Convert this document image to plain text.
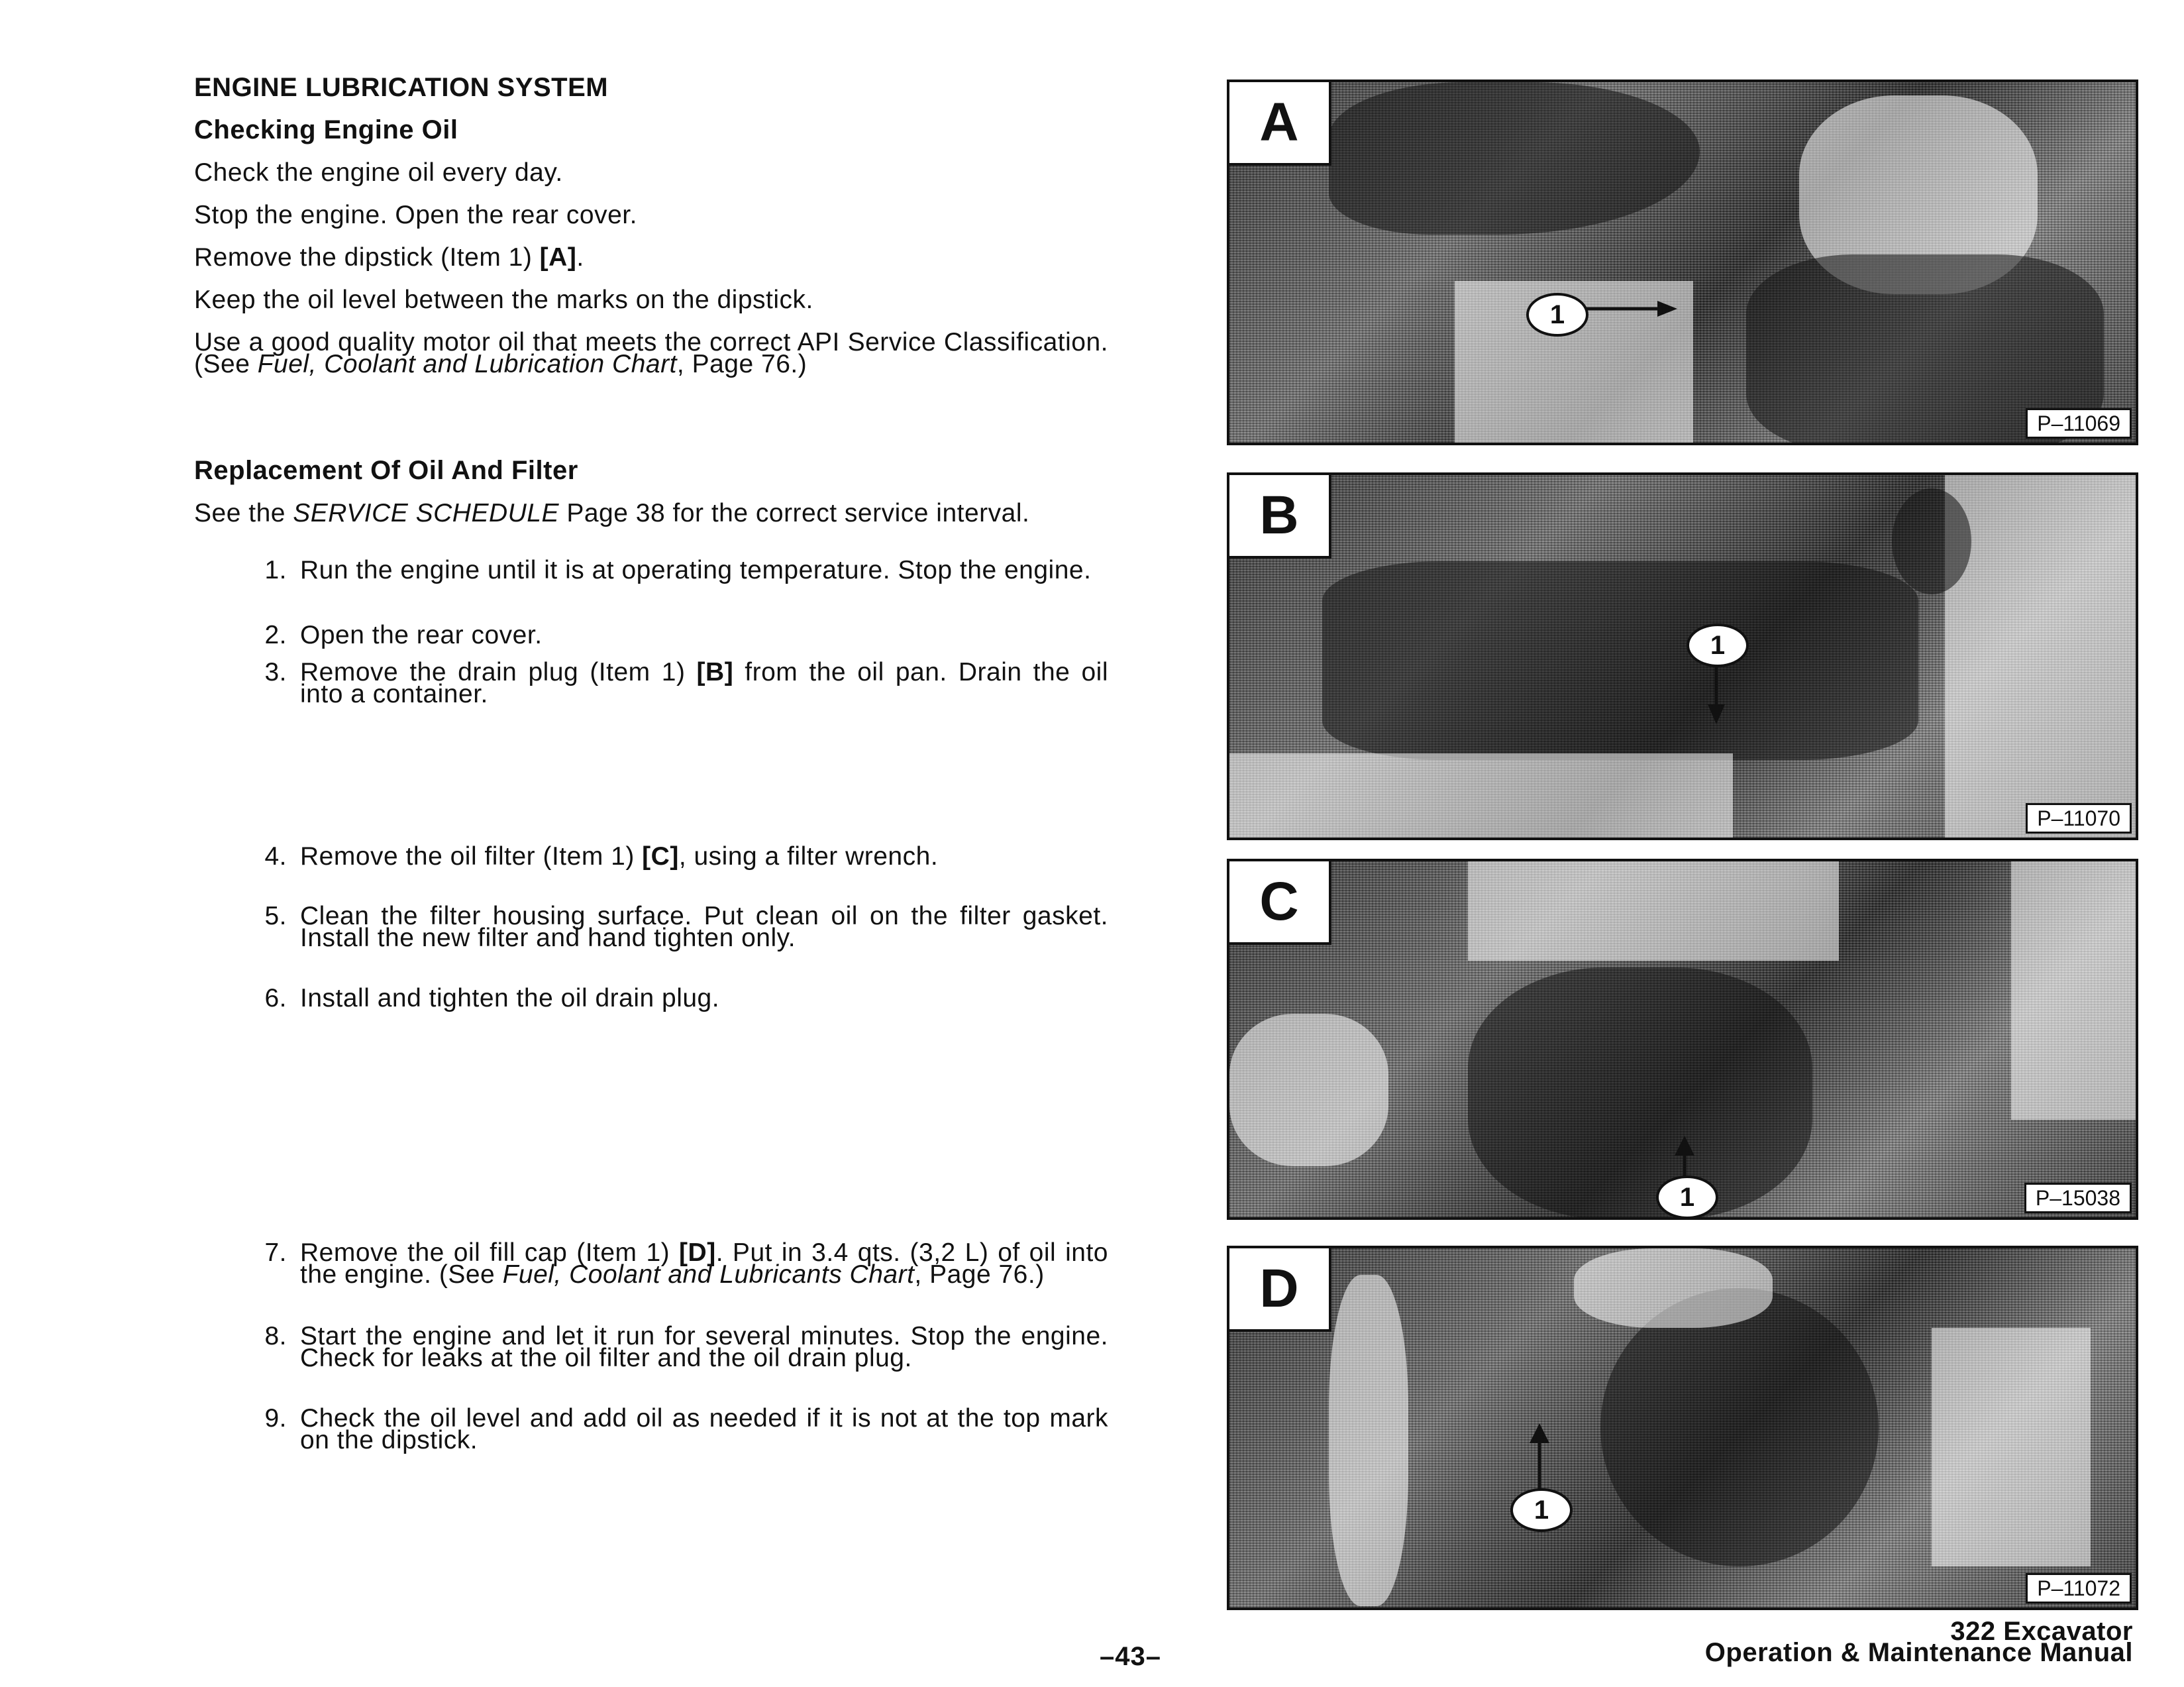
ENGINE LUBRICATION SYSTEM
Checking Engine Oil
Check the engine oil every day.
Stop the engine. Open the rear cover.
Remove the dipstick (Item 1) [A].
Keep the oil level between the marks on the dipstick.
Use a good quality motor oil that meets the correct API Service Classification. (See Fuel, Coolant and Lubrication Chart, Page 76.)
Replacement Of Oil And Filter
See the SERVICE SCHEDULE Page 38 for the correct service interval.
1. Run the engine until it is at operating temperature. Stop the engine.
2. Open the rear cover.
3. Remove the drain plug (Item 1) [B] from the oil pan. Drain the oil into a container.
4. Remove the oil filter (Item 1) [C], using a filter wrench.
5. Clean the filter housing surface. Put clean oil on the filter gasket. Install the new filter and hand tighten only.
6. Install and tighten the oil drain plug.
7. Remove the oil fill cap (Item 1) [D]. Put in 3.4 qts. (3,2 L) of oil into the engine. (See Fuel, Coolant and Lubricants Chart, Page 76.)
8. Start the engine and let it run for several minutes. Stop the engine. Check for leaks at the oil filter and the oil drain plug.
9. Check the oil level and add oil as needed if it is not at the top mark on the dipstick.
A
1
P–11069
B
1
P–11070
C
1	P–15038
D
1
P–11072
–43–
322 Excavator
Operation & Maintenance Manual
